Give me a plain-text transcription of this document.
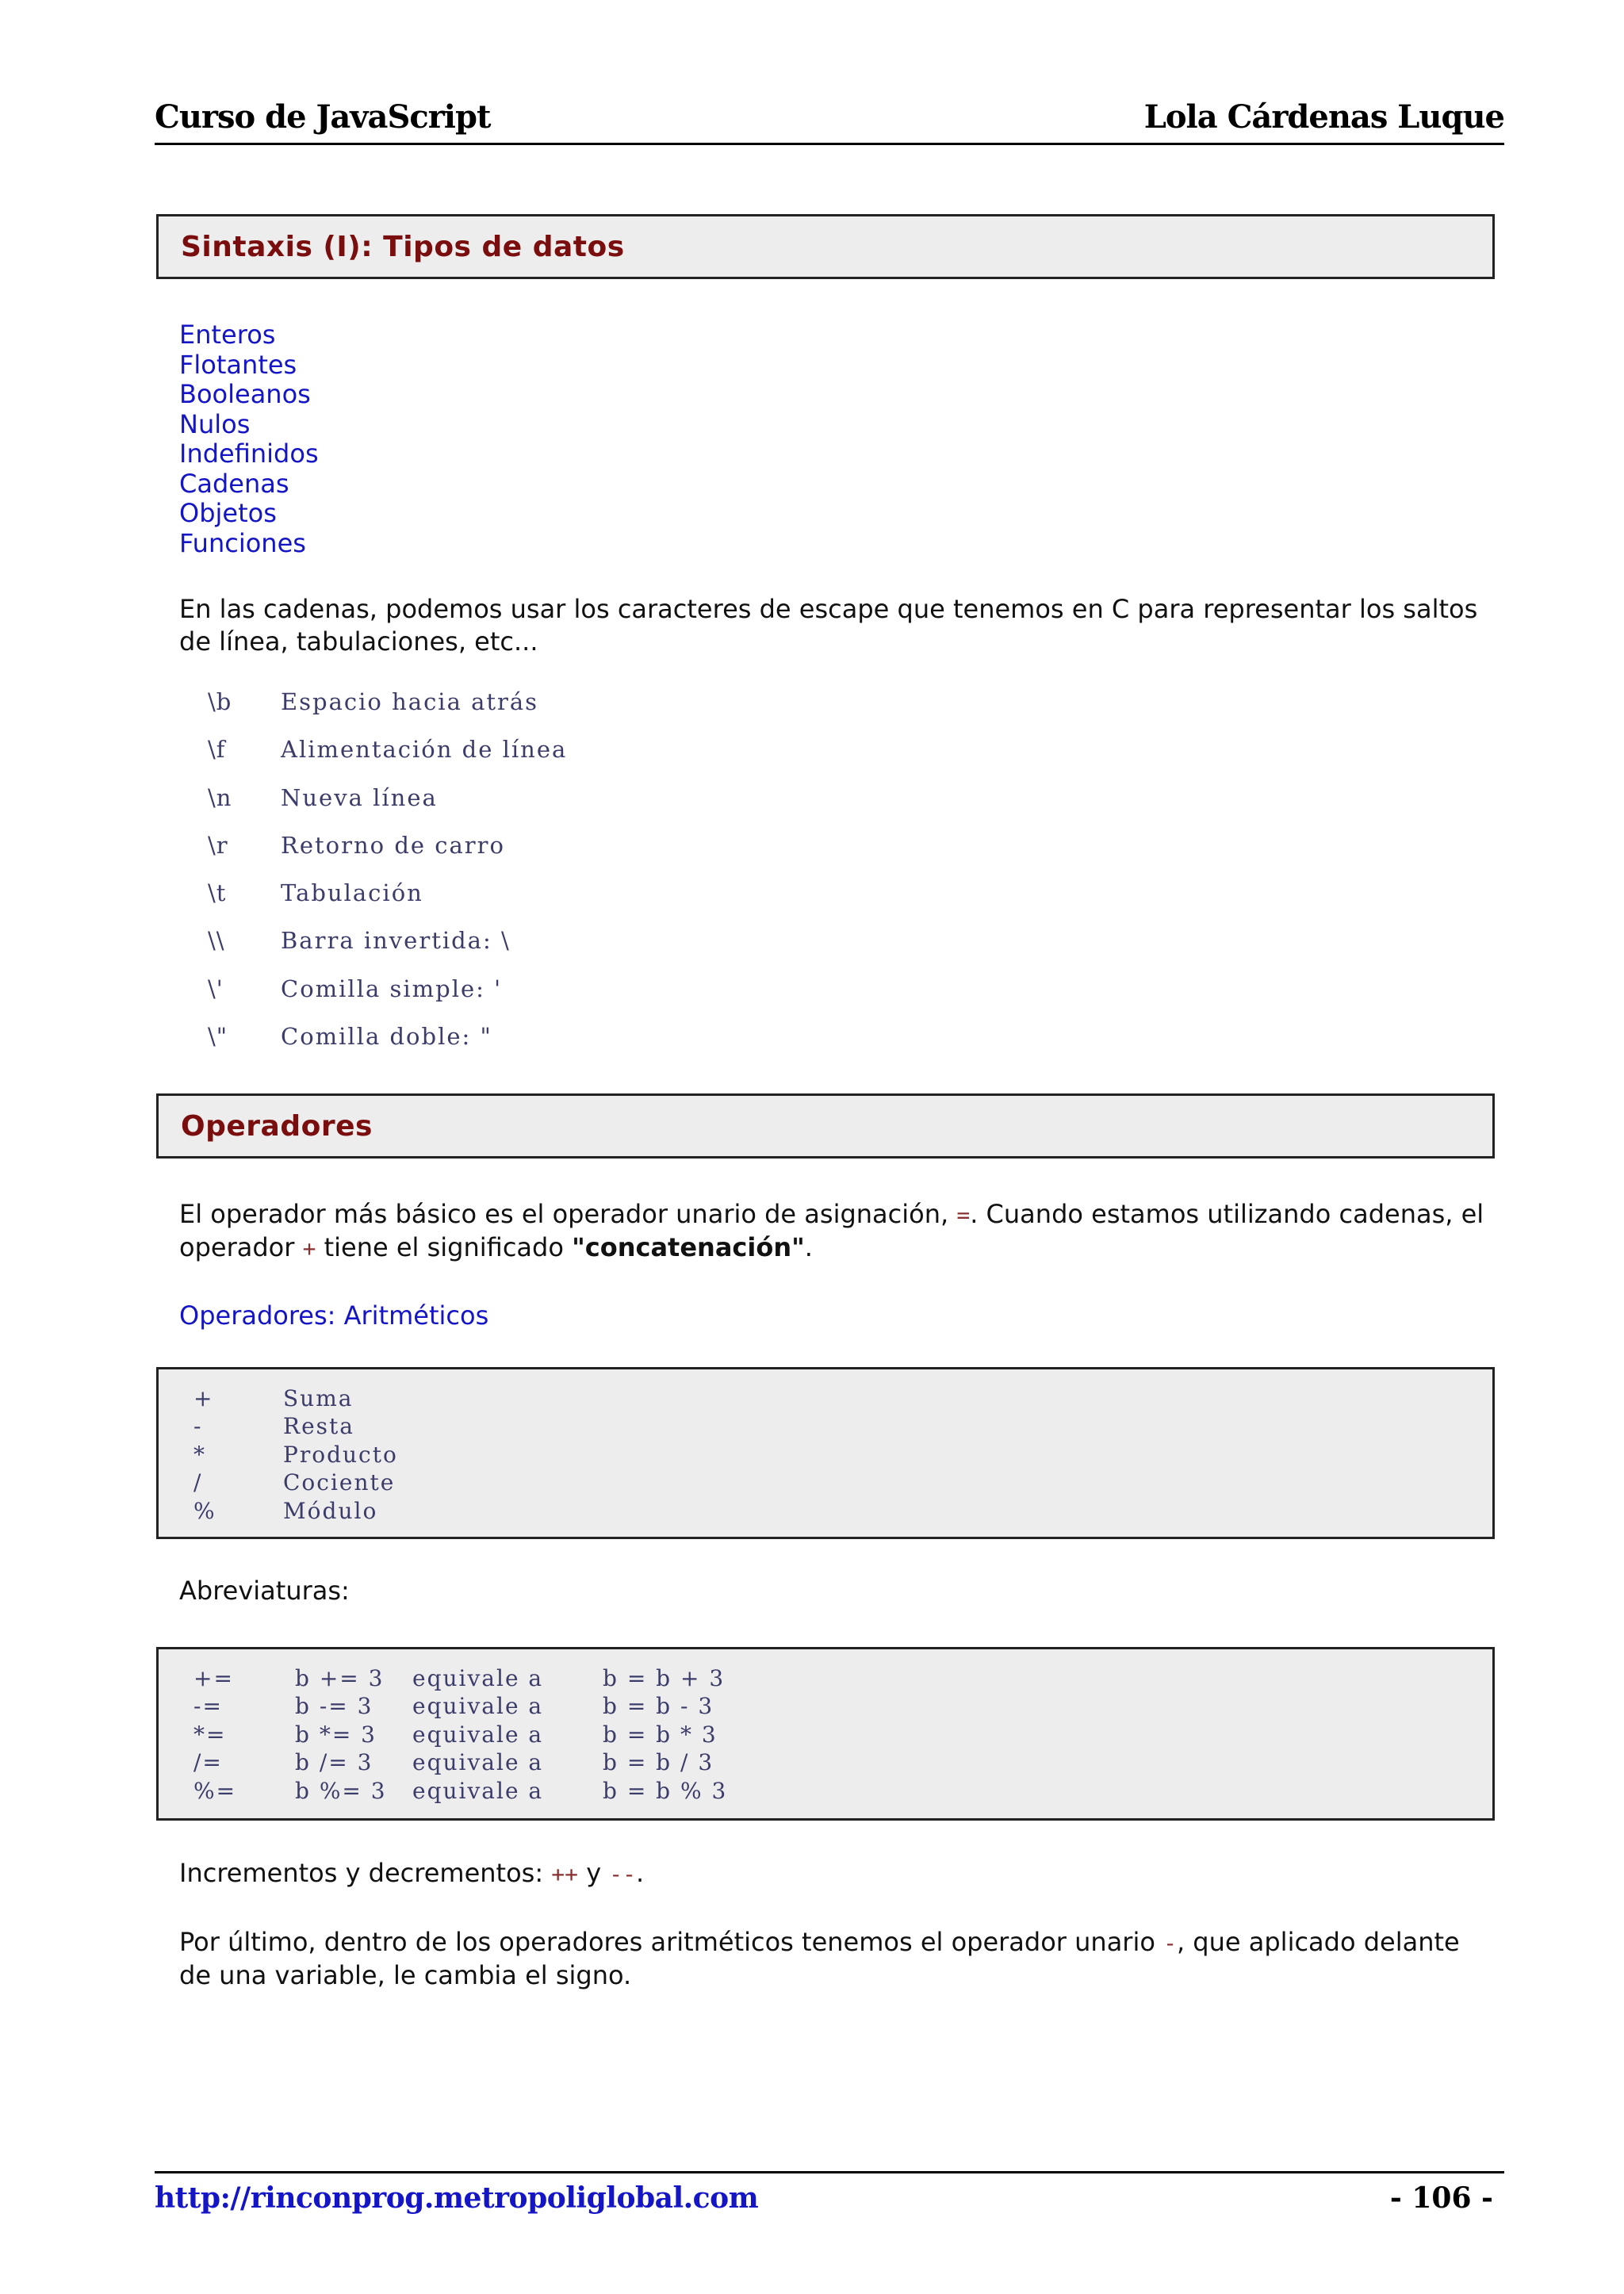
Curso de JavaScript	Lola Cárdenas Luque
Sintaxis (I): Tipos de datos
Enteros
Flotantes
Booleanos
Nulos
Indefinidos
Cadenas
Objetos
Funciones
En las cadenas, podemos usar los caracteres de escape que tenemos en C para representar los saltos de línea, tabulaciones, etc...
\b Espacio hacia atrás
\f Alimentación de línea
\n Nueva línea
\r Retorno de carro
\t Tabulación
\\ Barra invertida: \
\' Comilla simple: '
\" Comilla doble: "
Operadores
El operador más básico es el operador unario de asignación, =. Cuando estamos utilizando cadenas, el operador + tiene el significado "concatenación".
Operadores: Aritméticos
+	Suma
-	Resta
*	Producto
/	Cociente
%	Módulo
Abreviaturas:
+=	b += 3 equivale a	b = b + 3
-=	b -= 3 equivale a	b = b - 3
*=	b *= 3 equivale a	b = b * 3
/=	b /= 3 equivale a	b = b / 3
%=	b %= 3 equivale a	b = b % 3
Incrementos y decrementos: ++ y --.
Por último, dentro de los operadores aritméticos tenemos el operador unario -, que aplicado delante de una variable, le cambia el signo.
http://rinconprog.metropoliglobal.com	- 106 -
